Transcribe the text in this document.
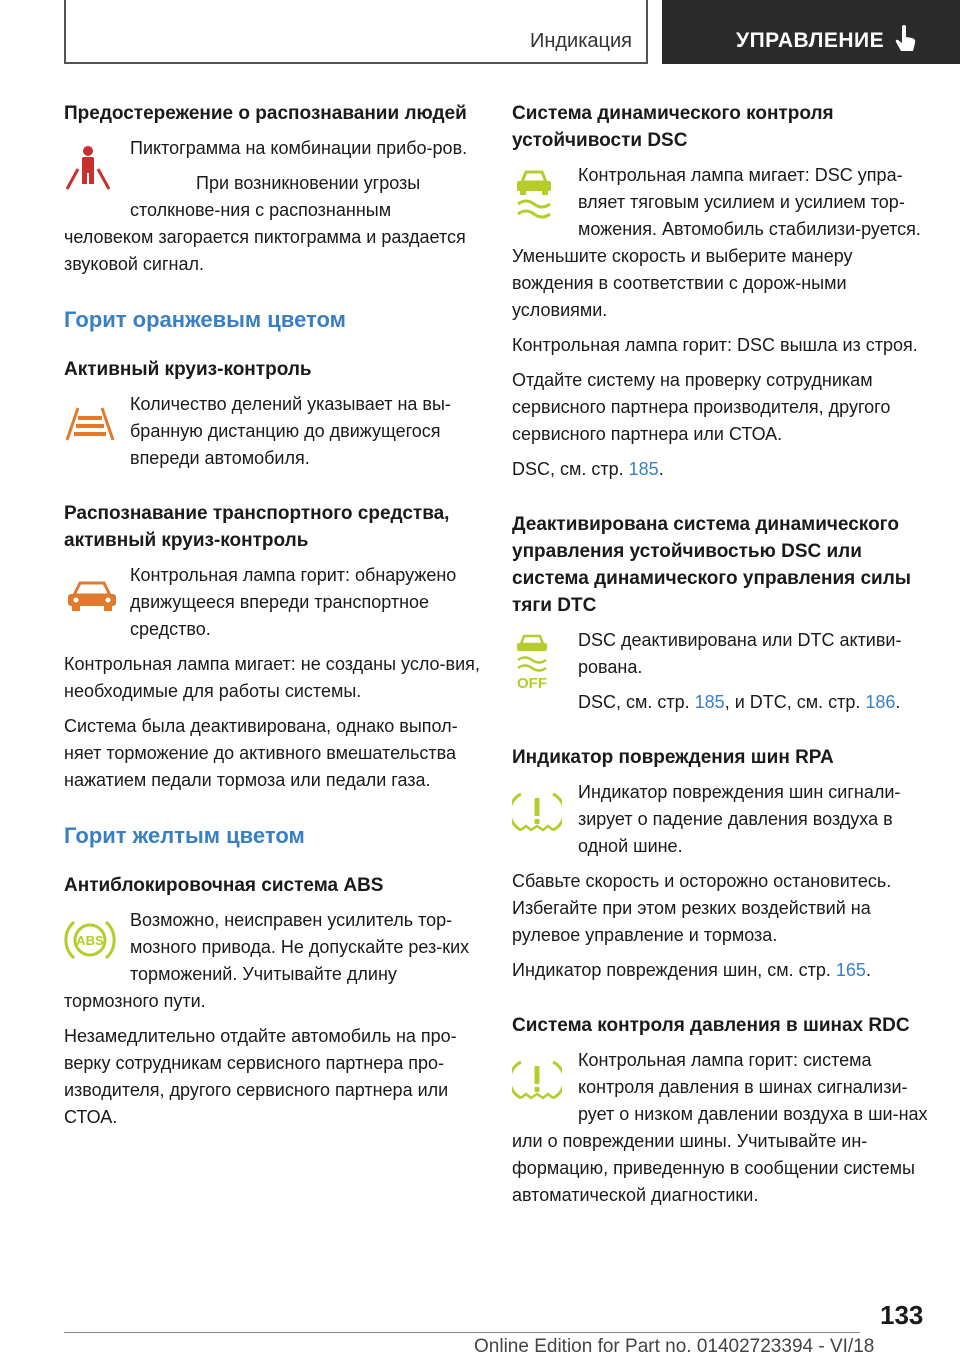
Индикация	УПРАВЛЕНИЕ
Предостережение о распознавании людей

Пиктограмма на комбинации прибо-ров.

При возникновении угрозы столкнове-ния с распознанным человеком загорается пиктограмма и раздается звуковой сигнал.

Горит оранжевым цветом
Активный круиз-контроль

Количество делений указывает на вы-бранную дистанцию до движущегося впереди автомобиля.

Распознавание транспортного средства, активный круиз-контроль

Контрольная лампа горит: обнаружено движущееся впереди транспортное средство.

Контрольная лампа мигает: не созданы усло-вия, необходимые для работы системы.

Система была деактивирована, однако выпол-няет торможение до активного вмешательства нажатием педали тормоза или педали газа.

Горит желтым цветом
Антиблокировочная система ABS
ABS

Возможно, неисправен усилитель тор-мозного привода. Не допускайте рез-ких торможений. Учитывайте длину тормозного пути.

Незамедлительно отдайте автомобиль на про-верку сотрудникам сервисного партнера про-изводителя, другого сервисного партнера или СТОА.

Система динамического контроля устойчивости DSC

Контрольная лампа мигает: DSC упра-вляет тяговым усилием и усилием тор-можения. Автомобиль стабилизи-руется. Уменьшите скорость и выберите манеру вождения в соответствии с дорож-ными условиями.

Контрольная лампа горит: DSC вышла из строя.

Отдайте систему на проверку сотрудникам сервисного партнера производителя, другого сервисного партнера или СТОА.

DSC, см. стр. 185.

Деактивирована система динамического управления устойчивостью DSC или система динамического управления силы тяги DTC
OFF

DSC деактивирована или DTC активи-рована.

DSC, см. стр. 185, и DTC, см. стр. 186.

Индикатор повреждения шин RPA

Индикатор повреждения шин сигнали-зирует о падение давления воздуха в одной шине.

Сбавьте скорость и осторожно остановитесь. Избегайте при этом резких воздействий на рулевое управление и тормоза.

Индикатор повреждения шин, см. стр. 165.

Система контроля давления в шинах RDC

Контрольная лампа горит: система контроля давления в шинах сигнализи-рует о низком давлении воздуха в ши-нах или о повреждении шины. Учитывайте ин-формацию, приведенную в сообщении системы автоматической диагностики.

133
Online Edition for Part no. 01402723394 - VI/18
